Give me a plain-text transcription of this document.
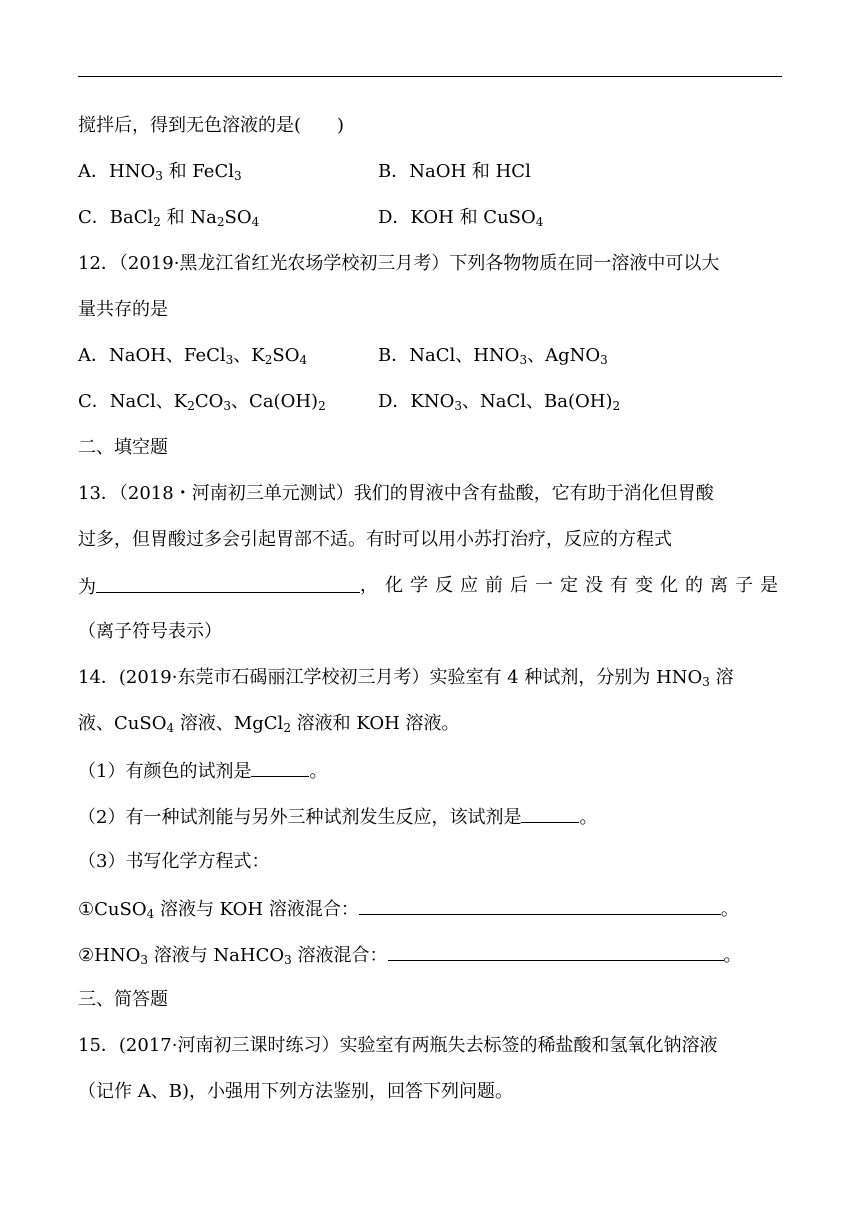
搅拌后，得到无色溶液的是(　　)
A．$HNO_3$ 和 FeCl$_3$	B．NaOH 和 HCl
C．BaCl$_2$ 和 $Na_2SO_4$	D．KOH 和 CuSO$_4$
12．（2019·黑龙江省红光农场学校初三月考）下列各物物质在同一溶液中可以大
量共存的是
A．NaOH、FeCl$_3$、$K_2SO_4$	B．NaCl、$HNO_3$、AgNO$_3$
C．NaCl、$K_2CO_3$、$Ca(OH)_2$	D．$KNO_3$、NaCl、$Ba(OH)_2$
二、填空题
13．（2018・河南初三单元测试）我们的胃液中含有盐酸，它有助于消化但胃酸
过多，但胃酸过多会引起胃部不适。有时可以用小苏打治疗，反应的方程式
为	，化学反应前后一定没有变化的离子是
（离子符号表示）
14．(2019·东莞市石碣丽江学校初三月考）实验室有 4 种试剂，分别为 $HNO_3$ 溶
液、CuSO$_4$ 溶液、MgCl$_2$ 溶液和 KOH 溶液。
（1）有颜色的试剂是	。
（2）有一种试剂能与另外三种试剂发生反应，该试剂是	。
（3）书写化学方程式：
①CuSO$_4$ 溶液与 KOH 溶液混合：	。
$②HNO_3$ 溶液与 NaHCO$_3$ 溶液混合：	。
三、简答题
15．(2017·河南初三课时练习）实验室有两瓶失去标签的稀盐酸和氢氧化钠溶液
（记作 A、B)，小强用下列方法鉴别，回答下列问题。
